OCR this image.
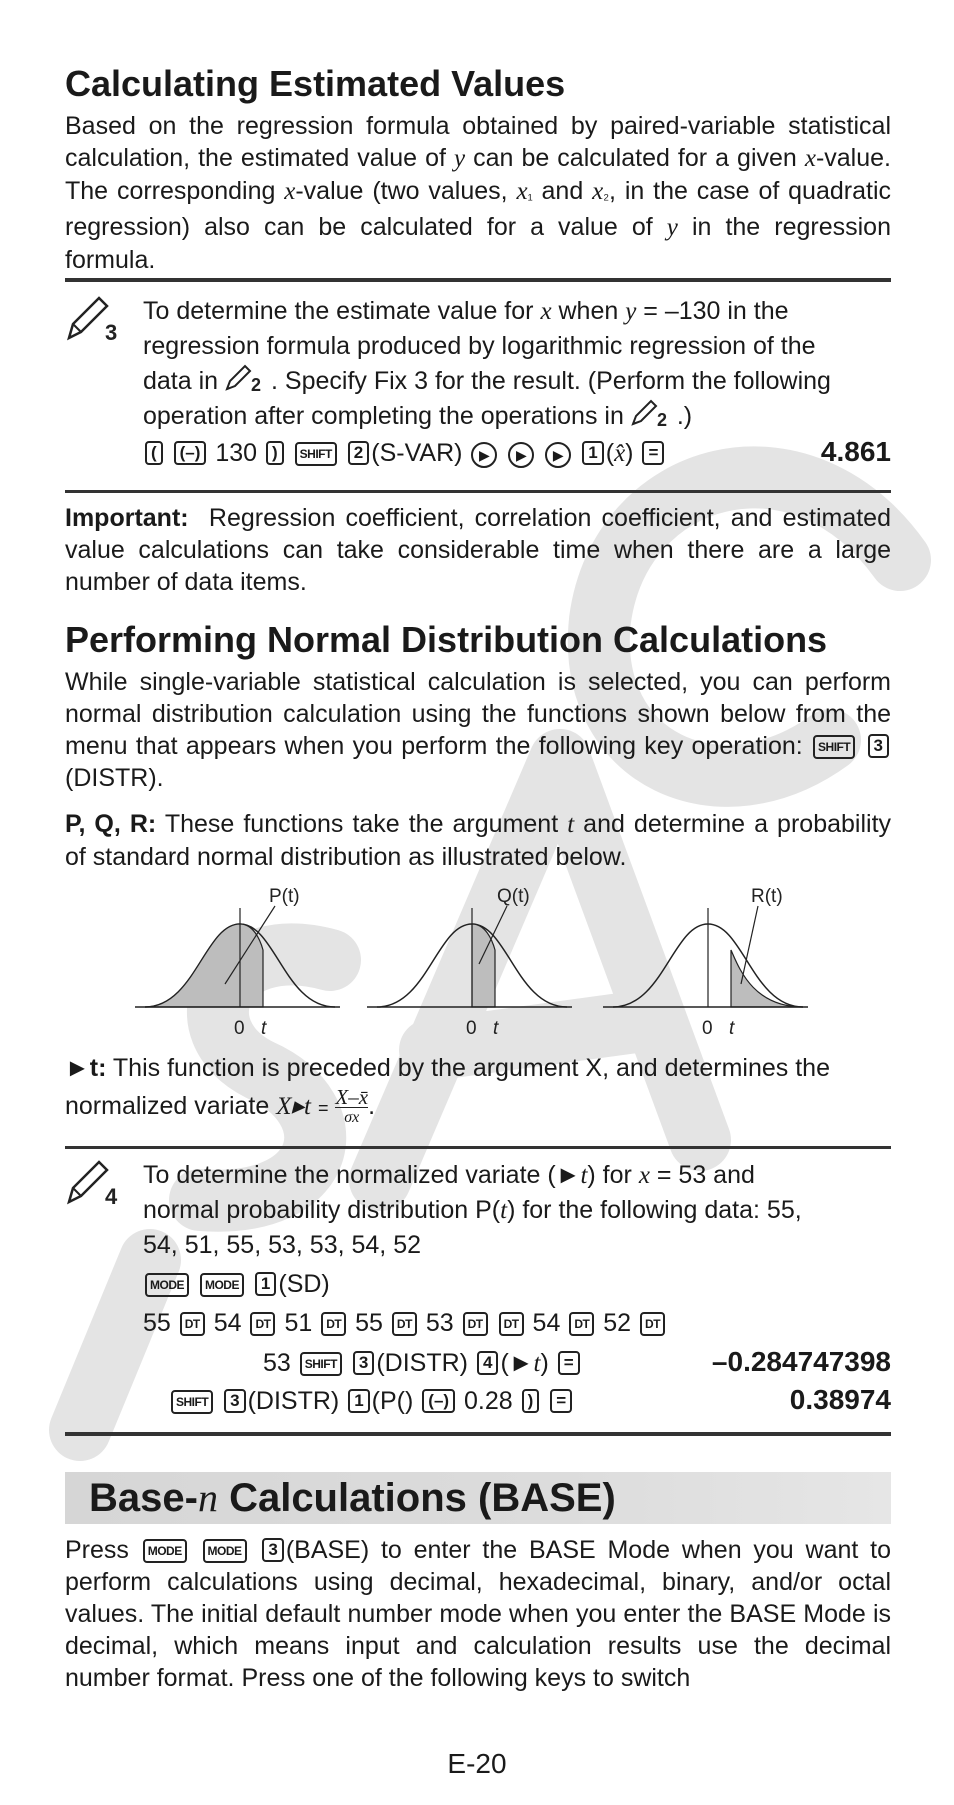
Calculating Estimated Values
Based on the regression formula obtained by paired-variable statistical calculation, the estimated value of y can be calculated for a given x-value. The corresponding x-value (two values, x₁ and x₂, in the case of quadratic regression) also can be calculated for a value of y in the regression formula.
3
To determine the estimate value for x when y = –130 in the
regression formula produced by logarithmic regression of the
data in 2 . Specify Fix 3 for the result. (Perform the following
operation after completing the operations in 2 .)
( (–) 130 ) SHIFT 2 (S-VAR) ▶ ▶ ▶ 1 (x̂) =	4.861
Important: Regression coefficient, correlation coefficient, and estimated value calculations can take considerable time when there are a large number of data items.
Performing Normal Distribution Calculations
While single-variable statistical calculation is selected, you can perform normal distribution calculation using the functions shown below from the menu that appears when you perform the following key operation: SHIFT 3(DISTR).
P, Q, R: These functions take the argument t and determine a probability of standard normal distribution as illustrated below.
P(t)
0 t
Q(t)
0 t
R(t)
0 t
►t: This function is preceded by the argument X, and determines the
normalized variate X▸t = X–x̄
σx .
4
To determine the normalized variate (►t) for x = 53 and
normal probability distribution P(t) for the following data: 55,
54, 51, 55, 53, 53, 54, 52
MODE MODE 1 (SD)
55 DT 54 DT 51 DT 55 DT 53 DT DT 54 DT 52 DT
53 SHIFT 3 (DISTR) 4 (►t) =	–0.284747398
SHIFT 3 (DISTR) 1 (P() (–) 0.28 ) =	0.38974
Base-n Calculations (BASE)
Press MODE MODE 3 (BASE) to enter the BASE Mode when you want to perform calculations using decimal, hexadecimal, binary, and/or octal values. The initial default number mode when you enter the BASE Mode is decimal, which means input and calculation results use the decimal number format. Press one of the following keys to switch
E-20
